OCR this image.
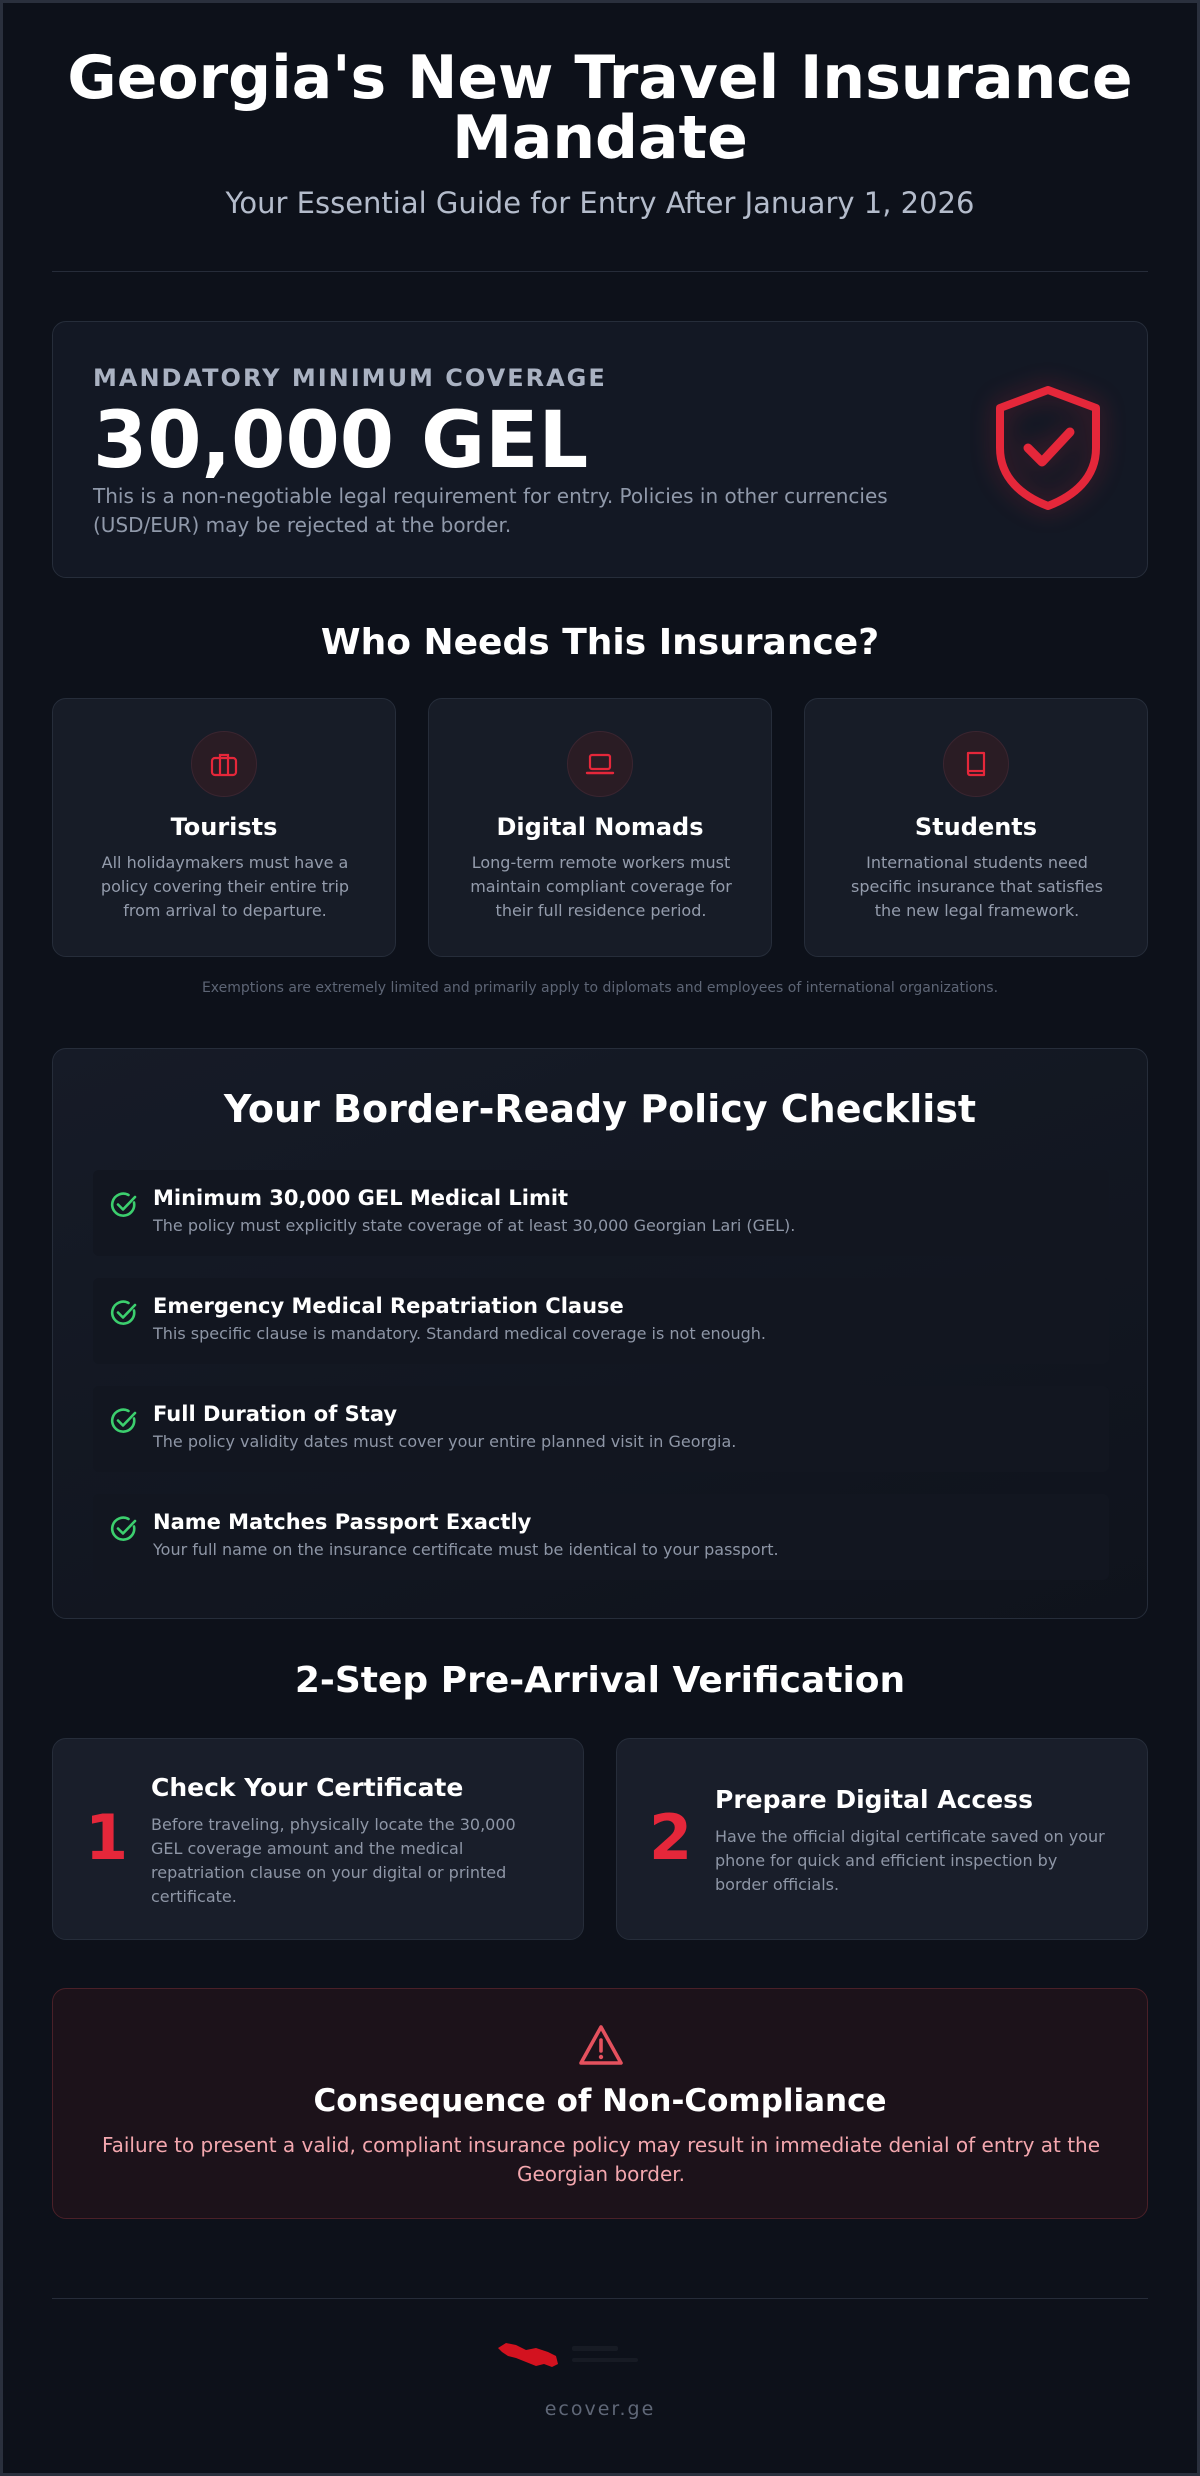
Georgia's New Travel Insurance Mandate
Your Essential Guide for Entry After January 1, 2026
MANDATORY MINIMUM COVERAGE
30,000 GEL
This is a non-negotiable legal requirement for entry. Policies in other currencies (USD/EUR) may be rejected at the border.
Who Needs This Insurance?
Tourists
All holidaymakers must have a policy covering their entire trip from arrival to departure.
Digital Nomads
Long-term remote workers must maintain compliant coverage for their full residence period.
Students
International students need specific insurance that satisfies the new legal framework.
Exemptions are extremely limited and primarily apply to diplomats and employees of international organizations.
Your Border-Ready Policy Checklist
Minimum 30,000 GEL Medical Limit
The policy must explicitly state coverage of at least 30,000 Georgian Lari (GEL).
Emergency Medical Repatriation Clause
This specific clause is mandatory. Standard medical coverage is not enough.
Full Duration of Stay
The policy validity dates must cover your entire planned visit in Georgia.
Name Matches Passport Exactly
Your full name on the insurance certificate must be identical to your passport.
2-Step Pre-Arrival Verification
1
Check Your Certificate
Before traveling, physically locate the 30,000 GEL coverage amount and the medical repatriation clause on your digital or printed certificate.
2
Prepare Digital Access
Have the official digital certificate saved on your phone for quick and efficient inspection by border officials.
Consequence of Non-Compliance
Failure to present a valid, compliant insurance policy may result in immediate denial of entry at the Georgian border.
ecover.ge
